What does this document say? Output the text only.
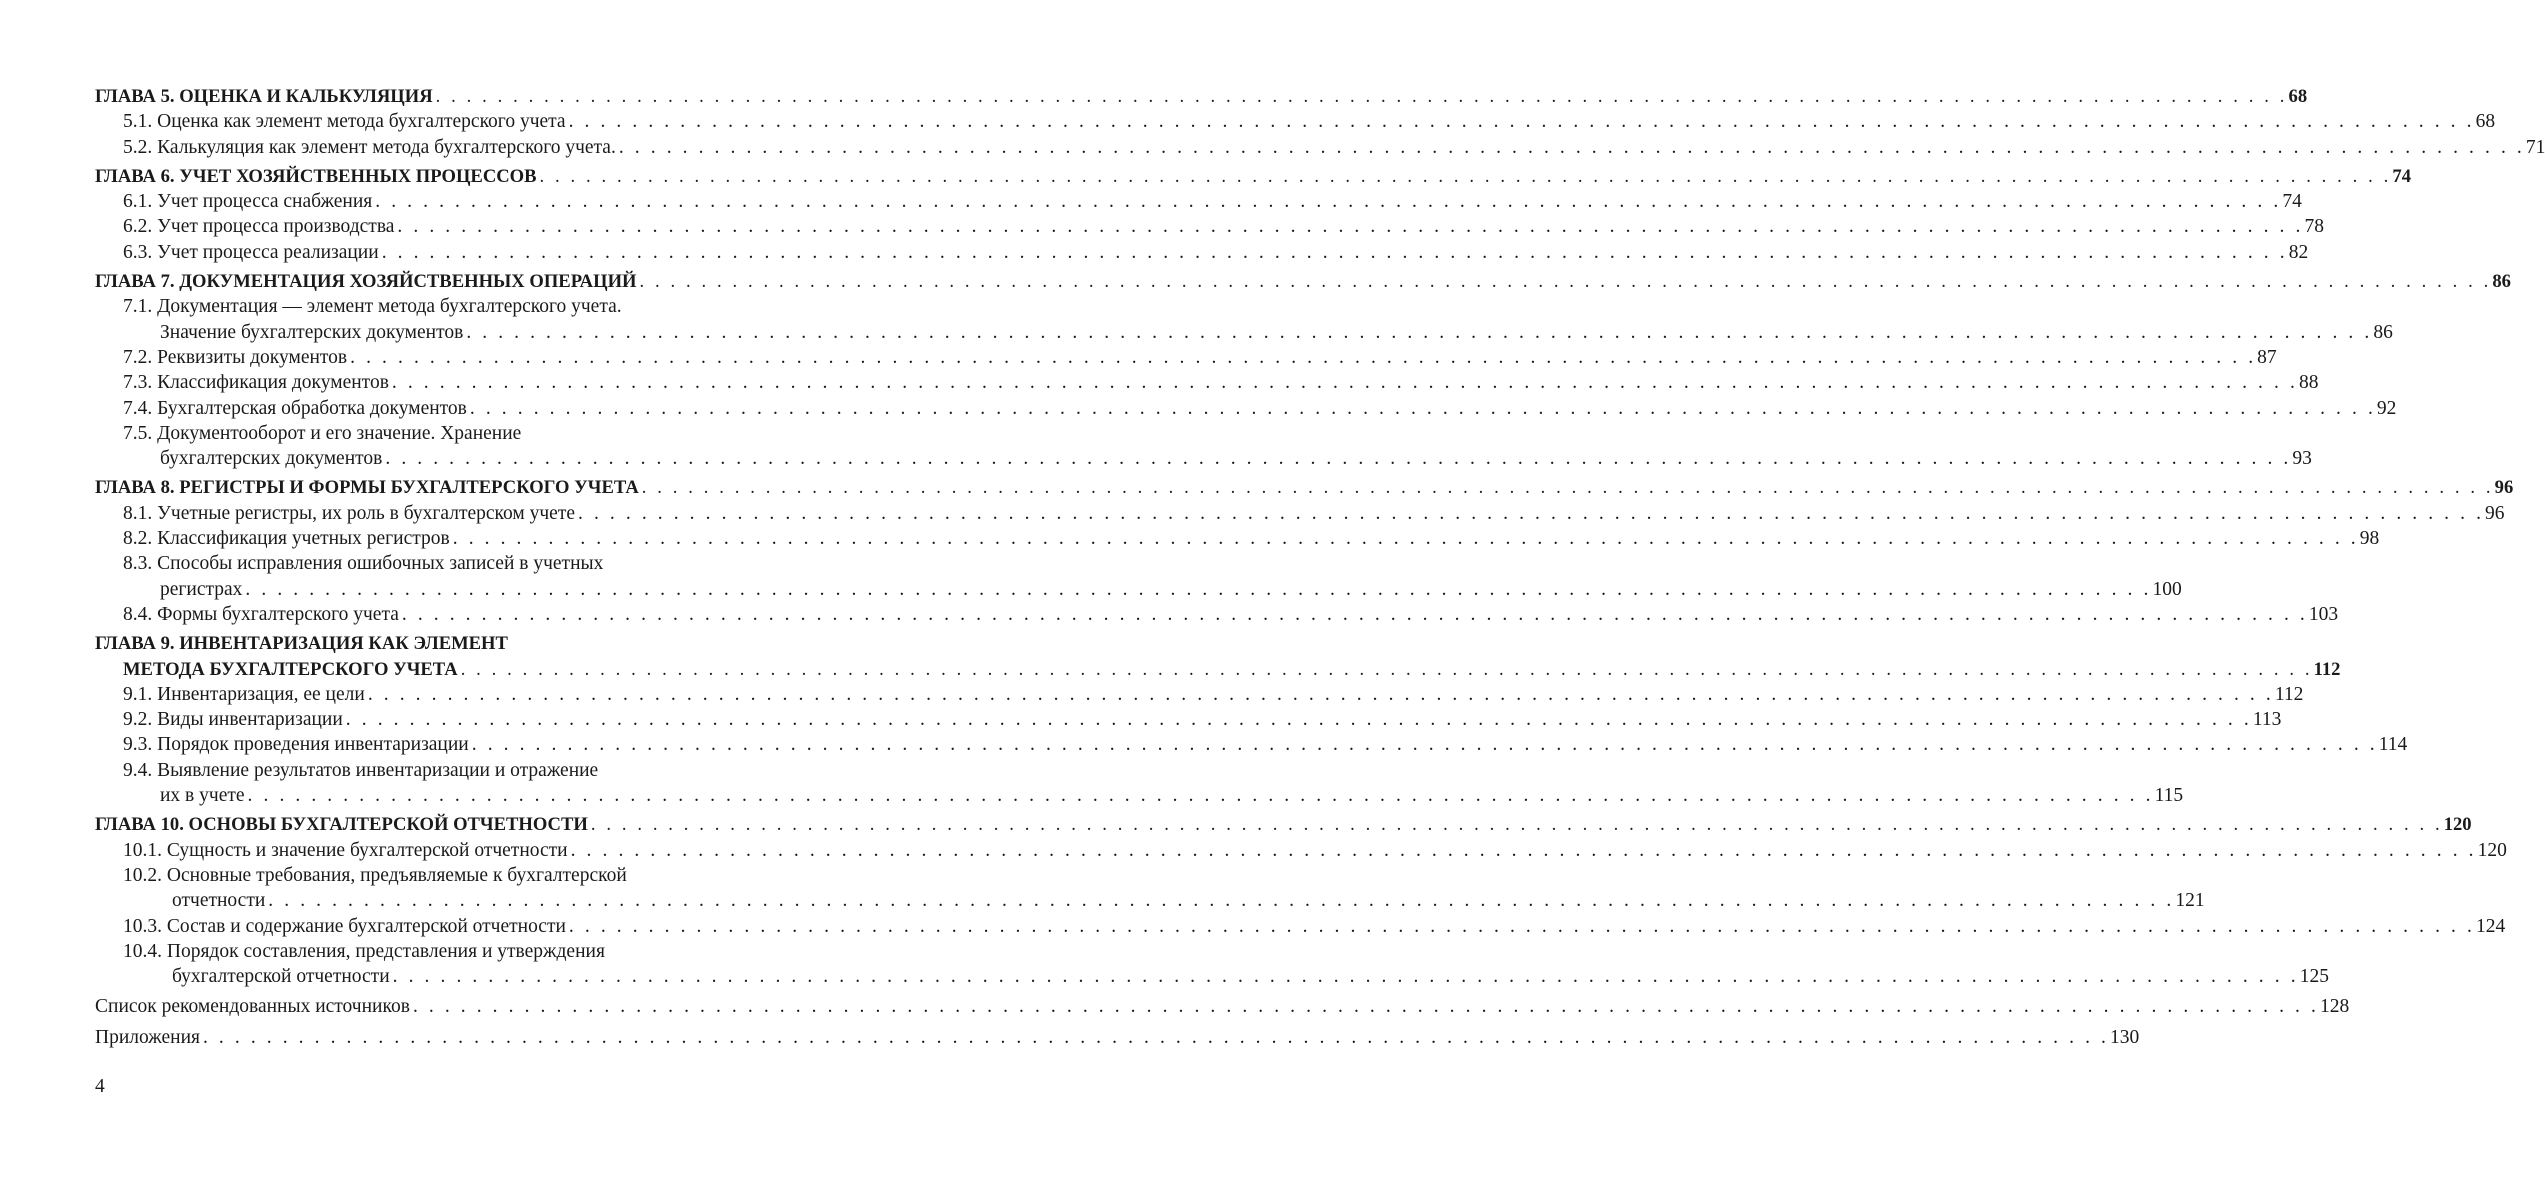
ГЛАВА 5. ОЦЕНКА И КАЛЬКУЛЯЦИЯ . . . . . . . . . . . . . . . . . . . . . . . . . . . . . . . . . . . . . . . . . . . . . . . . . . . . . . . . . . . . . . . . . . . . . . . . . . . . . . . . . . . . . . . . . . . . . . . . . . . . . . . . . . . . . . . . . . . . . . . . 68
5.1. Оценка как элемент метода бухгалтерского учета . . . . . . . . . . . . . . . . . . . . . . . . . . . . . . . . . . . . . . . . . . . . . . . . . . . . . . . . . . . . . . . . . . . . . . . . . . . . . . . . . . . . . . . . . . . . . . . . . . . . . . . . . . . . . . . . . . . . . . . . 68
5.2. Калькуляция как элемент метода бухгалтерского учета. . . . . . . . . . . . . . . . . . . . . . . . . . . . . . . . . . . . . . . . . . . . . . . . . . . . . . . . . . . . . . . . . . . . . . . . . . . . . . . . . . . . . . . . . . . . . . . . . . . . . . . . . . . . . . . . . . . . . . . . . 71
ГЛАВА 6. УЧЕТ ХОЗЯЙСТВЕННЫХ ПРОЦЕССОВ . . . . . . . . . . . . . . . . . . . . . . . . . . . . . . . . . . . . . . . . . . . . . . . . . . . . . . . . . . . . . . . . . . . . . . . . . . . . . . . . . . . . . . . . . . . . . . . . . . . . . . . . . . . . . . . . . . . . . . . . 74
6.1. Учет процесса снабжения . . . . . . . . . . . . . . . . . . . . . . . . . . . . . . . . . . . . . . . . . . . . . . . . . . . . . . . . . . . . . . . . . . . . . . . . . . . . . . . . . . . . . . . . . . . . . . . . . . . . . . . . . . . . . . . . . . . . . . . . 74
6.2. Учет процесса производства . . . . . . . . . . . . . . . . . . . . . . . . . . . . . . . . . . . . . . . . . . . . . . . . . . . . . . . . . . . . . . . . . . . . . . . . . . . . . . . . . . . . . . . . . . . . . . . . . . . . . . . . . . . . . . . . . . . . . . . . 78
6.3. Учет процесса реализации . . . . . . . . . . . . . . . . . . . . . . . . . . . . . . . . . . . . . . . . . . . . . . . . . . . . . . . . . . . . . . . . . . . . . . . . . . . . . . . . . . . . . . . . . . . . . . . . . . . . . . . . . . . . . . . . . . . . . . . . 82
ГЛАВА 7. ДОКУМЕНТАЦИЯ ХОЗЯЙСТВЕННЫХ ОПЕРАЦИЙ . . . . . . . . . . . . . . . . . . . . . . . . . . . . . . . . . . . . . . . . . . . . . . . . . . . . . . . . . . . . . . . . . . . . . . . . . . . . . . . . . . . . . . . . . . . . . . . . . . . . . . . . . . . . . . . . . . . . . . . . 86
7.1. Документация — элемент метода бухгалтерского учета.
Значение бухгалтерских документов . . . . . . . . . . . . . . . . . . . . . . . . . . . . . . . . . . . . . . . . . . . . . . . . . . . . . . . . . . . . . . . . . . . . . . . . . . . . . . . . . . . . . . . . . . . . . . . . . . . . . . . . . . . . . . . . . . . . . . . . 86
7.2. Реквизиты документов . . . . . . . . . . . . . . . . . . . . . . . . . . . . . . . . . . . . . . . . . . . . . . . . . . . . . . . . . . . . . . . . . . . . . . . . . . . . . . . . . . . . . . . . . . . . . . . . . . . . . . . . . . . . . . . . . . . . . . . . 87
7.3. Классификация документов . . . . . . . . . . . . . . . . . . . . . . . . . . . . . . . . . . . . . . . . . . . . . . . . . . . . . . . . . . . . . . . . . . . . . . . . . . . . . . . . . . . . . . . . . . . . . . . . . . . . . . . . . . . . . . . . . . . . . . . . 88
7.4. Бухгалтерская обработка документов . . . . . . . . . . . . . . . . . . . . . . . . . . . . . . . . . . . . . . . . . . . . . . . . . . . . . . . . . . . . . . . . . . . . . . . . . . . . . . . . . . . . . . . . . . . . . . . . . . . . . . . . . . . . . . . . . . . . . . . . 92
7.5. Документооборот и его значение. Хранение
бухгалтерских документов . . . . . . . . . . . . . . . . . . . . . . . . . . . . . . . . . . . . . . . . . . . . . . . . . . . . . . . . . . . . . . . . . . . . . . . . . . . . . . . . . . . . . . . . . . . . . . . . . . . . . . . . . . . . . . . . . . . . . . . . 93
ГЛАВА 8. РЕГИСТРЫ И ФОРМЫ БУХГАЛТЕРСКОГО УЧЕТА . . . . . . . . . . . . . . . . . . . . . . . . . . . . . . . . . . . . . . . . . . . . . . . . . . . . . . . . . . . . . . . . . . . . . . . . . . . . . . . . . . . . . . . . . . . . . . . . . . . . . . . . . . . . . . . . . . . . . . . . 96
8.1. Учетные регистры, их роль в бухгалтерском учете . . . . . . . . . . . . . . . . . . . . . . . . . . . . . . . . . . . . . . . . . . . . . . . . . . . . . . . . . . . . . . . . . . . . . . . . . . . . . . . . . . . . . . . . . . . . . . . . . . . . . . . . . . . . . . . . . . . . . . . . 96
8.2. Классификация учетных регистров . . . . . . . . . . . . . . . . . . . . . . . . . . . . . . . . . . . . . . . . . . . . . . . . . . . . . . . . . . . . . . . . . . . . . . . . . . . . . . . . . . . . . . . . . . . . . . . . . . . . . . . . . . . . . . . . . . . . . . . . 98
8.3. Способы исправления ошибочных записей в учетных
регистрах . . . . . . . . . . . . . . . . . . . . . . . . . . . . . . . . . . . . . . . . . . . . . . . . . . . . . . . . . . . . . . . . . . . . . . . . . . . . . . . . . . . . . . . . . . . . . . . . . . . . . . . . . . . . . . . . . . . . . . . . 100
8.4. Формы бухгалтерского учета . . . . . . . . . . . . . . . . . . . . . . . . . . . . . . . . . . . . . . . . . . . . . . . . . . . . . . . . . . . . . . . . . . . . . . . . . . . . . . . . . . . . . . . . . . . . . . . . . . . . . . . . . . . . . . . . . . . . . . . . 103
ГЛАВА 9. ИНВЕНТАРИЗАЦИЯ КАК ЭЛЕМЕНТ
МЕТОДА БУХГАЛТЕРСКОГО УЧЕТА . . . . . . . . . . . . . . . . . . . . . . . . . . . . . . . . . . . . . . . . . . . . . . . . . . . . . . . . . . . . . . . . . . . . . . . . . . . . . . . . . . . . . . . . . . . . . . . . . . . . . . . . . . . . . . . . . . . . . . . . 112
9.1. Инвентаризация, ее цели . . . . . . . . . . . . . . . . . . . . . . . . . . . . . . . . . . . . . . . . . . . . . . . . . . . . . . . . . . . . . . . . . . . . . . . . . . . . . . . . . . . . . . . . . . . . . . . . . . . . . . . . . . . . . . . . . . . . . . . . 112
9.2. Виды инвентаризации . . . . . . . . . . . . . . . . . . . . . . . . . . . . . . . . . . . . . . . . . . . . . . . . . . . . . . . . . . . . . . . . . . . . . . . . . . . . . . . . . . . . . . . . . . . . . . . . . . . . . . . . . . . . . . . . . . . . . . . . 113
9.3. Порядок проведения инвентаризации . . . . . . . . . . . . . . . . . . . . . . . . . . . . . . . . . . . . . . . . . . . . . . . . . . . . . . . . . . . . . . . . . . . . . . . . . . . . . . . . . . . . . . . . . . . . . . . . . . . . . . . . . . . . . . . . . . . . . . . . 114
9.4. Выявление результатов инвентаризации и отражение
их в учете . . . . . . . . . . . . . . . . . . . . . . . . . . . . . . . . . . . . . . . . . . . . . . . . . . . . . . . . . . . . . . . . . . . . . . . . . . . . . . . . . . . . . . . . . . . . . . . . . . . . . . . . . . . . . . . . . . . . . . . . 115
ГЛАВА 10. ОСНОВЫ БУХГАЛТЕРСКОЙ ОТЧЕТНОСТИ . . . . . . . . . . . . . . . . . . . . . . . . . . . . . . . . . . . . . . . . . . . . . . . . . . . . . . . . . . . . . . . . . . . . . . . . . . . . . . . . . . . . . . . . . . . . . . . . . . . . . . . . . . . . . . . . . . . . . . . . 120
10.1. Сущность и значение бухгалтерской отчетности . . . . . . . . . . . . . . . . . . . . . . . . . . . . . . . . . . . . . . . . . . . . . . . . . . . . . . . . . . . . . . . . . . . . . . . . . . . . . . . . . . . . . . . . . . . . . . . . . . . . . . . . . . . . . . . . . . . . . . . . 120
10.2. Основные требования, предъявляемые к бухгалтерской
отчетности . . . . . . . . . . . . . . . . . . . . . . . . . . . . . . . . . . . . . . . . . . . . . . . . . . . . . . . . . . . . . . . . . . . . . . . . . . . . . . . . . . . . . . . . . . . . . . . . . . . . . . . . . . . . . . . . . . . . . . . . 121
10.3. Состав и содержание бухгалтерской отчетности . . . . . . . . . . . . . . . . . . . . . . . . . . . . . . . . . . . . . . . . . . . . . . . . . . . . . . . . . . . . . . . . . . . . . . . . . . . . . . . . . . . . . . . . . . . . . . . . . . . . . . . . . . . . . . . . . . . . . . . . 124
10.4. Порядок составления, представления и утверждения
бухгалтерской отчетности . . . . . . . . . . . . . . . . . . . . . . . . . . . . . . . . . . . . . . . . . . . . . . . . . . . . . . . . . . . . . . . . . . . . . . . . . . . . . . . . . . . . . . . . . . . . . . . . . . . . . . . . . . . . . . . . . . . . . . . . 125
Список рекомендованных источников . . . . . . . . . . . . . . . . . . . . . . . . . . . . . . . . . . . . . . . . . . . . . . . . . . . . . . . . . . . . . . . . . . . . . . . . . . . . . . . . . . . . . . . . . . . . . . . . . . . . . . . . . . . . . . . . . . . . . . . . 128
Приложения . . . . . . . . . . . . . . . . . . . . . . . . . . . . . . . . . . . . . . . . . . . . . . . . . . . . . . . . . . . . . . . . . . . . . . . . . . . . . . . . . . . . . . . . . . . . . . . . . . . . . . . . . . . . . . . . . . . . . . . . 130
4
